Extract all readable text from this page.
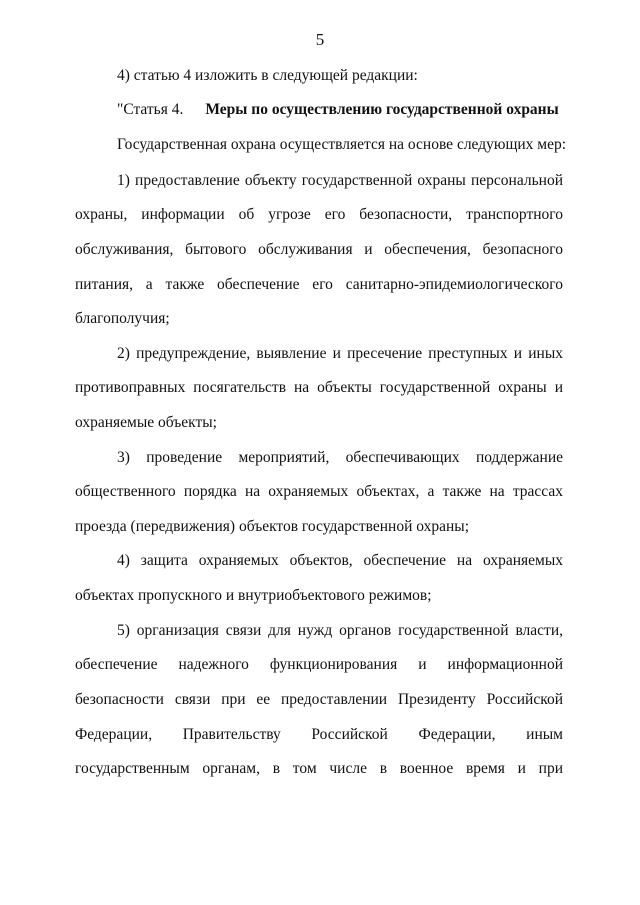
5
4) статью 4 изложить в следующей редакции:
"Статья 4. Меры по осуществлению государственной охраны
Государственная охрана осуществляется на основе следующих мер:
1) предоставление объекту государственной охраны персональной
охраны, информации об угрозе его безопасности, транспортного
обслуживания, бытового обслуживания и обеспечения, безопасного
питания, а также обеспечение его санитарно-эпидемиологического
благополучия;
2) предупреждение, выявление и пресечение преступных и иных
противоправных посягательств на объекты государственной охраны и
охраняемые объекты;
3) проведение мероприятий, обеспечивающих поддержание
общественного порядка на охраняемых объектах, а также на трассах
проезда (передвижения) объектов государственной охраны;
4) защита охраняемых объектов, обеспечение на охраняемых
объектах пропускного и внутриобъектового режимов;
5) организация связи для нужд органов государственной власти,
обеспечение надежного функционирования и информационной
безопасности связи при ее предоставлении Президенту Российской
Федерации, Правительству Российской Федерации, иным
государственным органам, в том числе в военное время и при
